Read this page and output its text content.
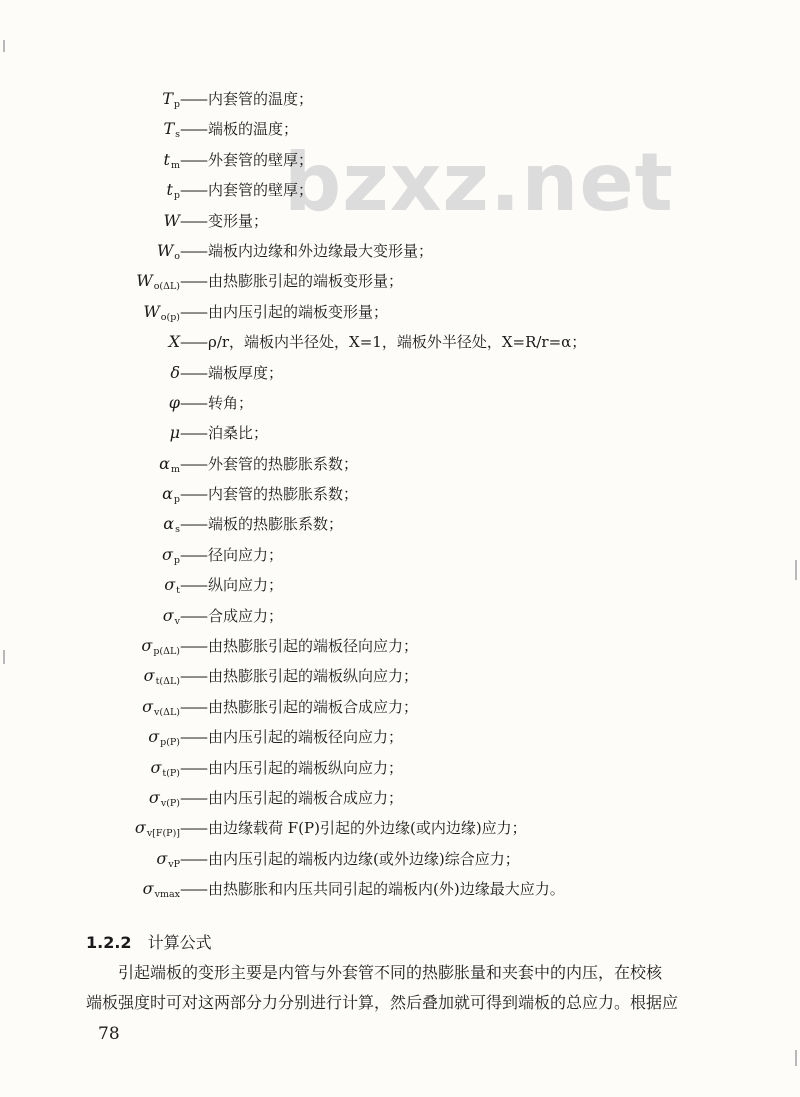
bzxz.net
$T_p$	—— 内套管的温度；
$T_s$	—— 端板的温度；
$t_m$	—— 外套管的壁厚；
$t_p$	—— 内套管的壁厚；
W	—— 变形量；
$W_o$	—— 端板内边缘和外边缘最大变形量；
$W_{o(\Delta L)}$	—— 由热膨胀引起的端板变形量；
$W_{o(p)}$	—— 由内压引起的端板变形量；
X	—— ρ/r，端板内半径处，X=1，端板外半径处，X=R/r=α；
δ	—— 端板厚度；
φ	—— 转角；
μ	—— 泊桑比；
$\alpha_m$	—— 外套管的热膨胀系数；
$\alpha_p$	—— 内套管的热膨胀系数；
$\alpha_s$	—— 端板的热膨胀系数；
$\sigma_p$	—— 径向应力；
$\sigma_t$	—— 纵向应力；
$\sigma_v$	—— 合成应力；
$\sigma_{p(\Delta L)}$	—— 由热膨胀引起的端板径向应力；
$\sigma_{t(\Delta L)}$	—— 由热膨胀引起的端板纵向应力；
$\sigma_{v(\Delta L)}$	—— 由热膨胀引起的端板合成应力；
$\sigma_{p(P)}$	—— 由内压引起的端板径向应力；
$\sigma_{t(P)}$	—— 由内压引起的端板纵向应力；
$\sigma_{v(P)}$	—— 由内压引起的端板合成应力；
$\sigma_{v[F(P)]}$	—— 由边缘载荷 F(P)引起的外边缘(或内边缘)应力；
$\sigma_{vP}$	—— 由内压引起的端板内边缘(或外边缘)综合应力；
$\sigma_{vmax}$	—— 由热膨胀和内压共同引起的端板内(外)边缘最大应力。
1.2.2 计算公式
引起端板的变形主要是内管与外套管不同的热膨胀量和夹套中的内压，在校核
端板强度时可对这两部分力分别进行计算，然后叠加就可得到端板的总应力。根据应
78
